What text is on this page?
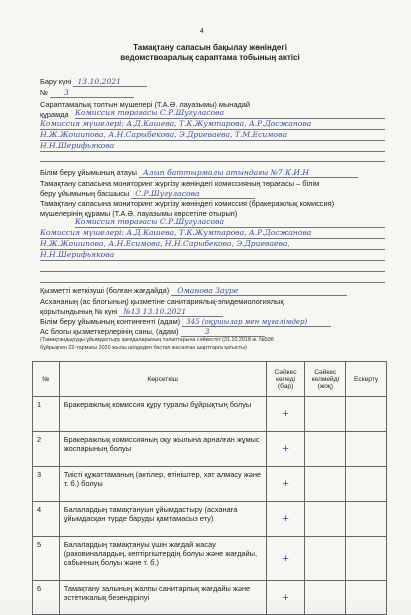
4
Тамақтану сапасын бақылау жөніндегі
ведомствоаралық сараптама тобының актісі
Бару күні 13.10.2021
№ 3
Сараптамалық толтын мүшелері (Т.А.Ә. лауазымы) мынадай
құрамда Комиссия төрағасы С.Р.Шугуласова
Комиссия мүшелері: А.Д.Кашева, Т.К.Жумтарова, А.Р.Досжанова
Н.Ж.Жошипова, А.Н.Сарыбекова, Э.Дриеваева, Т.М.Есимова
Н.Н.Шерифьякова
Білім беру ұйымының атауы Алып баттырмалы атындағы №7 К.И.Н
Тамақтану сапасына мониторинг жүргізу жөніндегі комиссияның төрағасы – білім
беру ұйымының басшысы С.Р.Шугуласова
Тамақтану сапасына мониторинг жүргізу жөніндегі комиссия (бракеражлық комиссия)
мүшелерінің құрамы (Т.А.Ә. лауазымы көрсетіле отырып)
Комиссия төрағасы С.Р.Шугуласова
Комиссия мүшелері: А.Д.Кашева, Т.К.Жумтарова, А.Р.Досжанова
Н.Ж.Жошипова, А.Н.Есимова, Н.Н.Сарыбекова, Э.Дриеваева,
Н.Н.Шерифьякова
Қызметті жеткізуші (болған жағдайда) Оманова Зауре
Асхананың (ас блогының) қызметіне санитариялық-эпидемиологиялық
қорытындының № күні №13 13.10.2021
Білім беру ұйымының контингенті (адам) 345 (оқушылар мен мұғалімдер)
Ас блогы қызметкерлерінің саны, (адам)	3
(Тамақтандыруды ұйымдастыру қағидаларының талаптарына сәйкестігі (31.10.2018 ж. №598
бұйрықпен 22-тармағы 2020 жылы шілдеден бастап жасалған шарттарға қатысты)
№	Көрсеткіш	Сәйкес келеді (бар)	Сәйкес келмейді (жоқ)	Ескерту
1	Бракеражлық комиссия құру туралы бұйрықтың болуы	+		
2	Бракеражлық комиссияның оқу жылына арналған жұмыс жоспарының болуы	+		
3	Тиісті құжаттаманың (актілер, өтініштер, хат алмасу және т. б.) болуы	+		
4	Балалардың тамақтануын ұйымдастыру (асханаға ұйымдасқан түрде баруды қамтамасыз ету)	+		
5	Балалардың тамақтануы үшін жағдай жасау (раковиналардың, кептіргіштердің болуы және жағдайы, сабынның болуы және т. б.)	+		
6	Тамақтану залының жалпы санитарлық жағдайы және эстетикалық безендірілуі	+		
